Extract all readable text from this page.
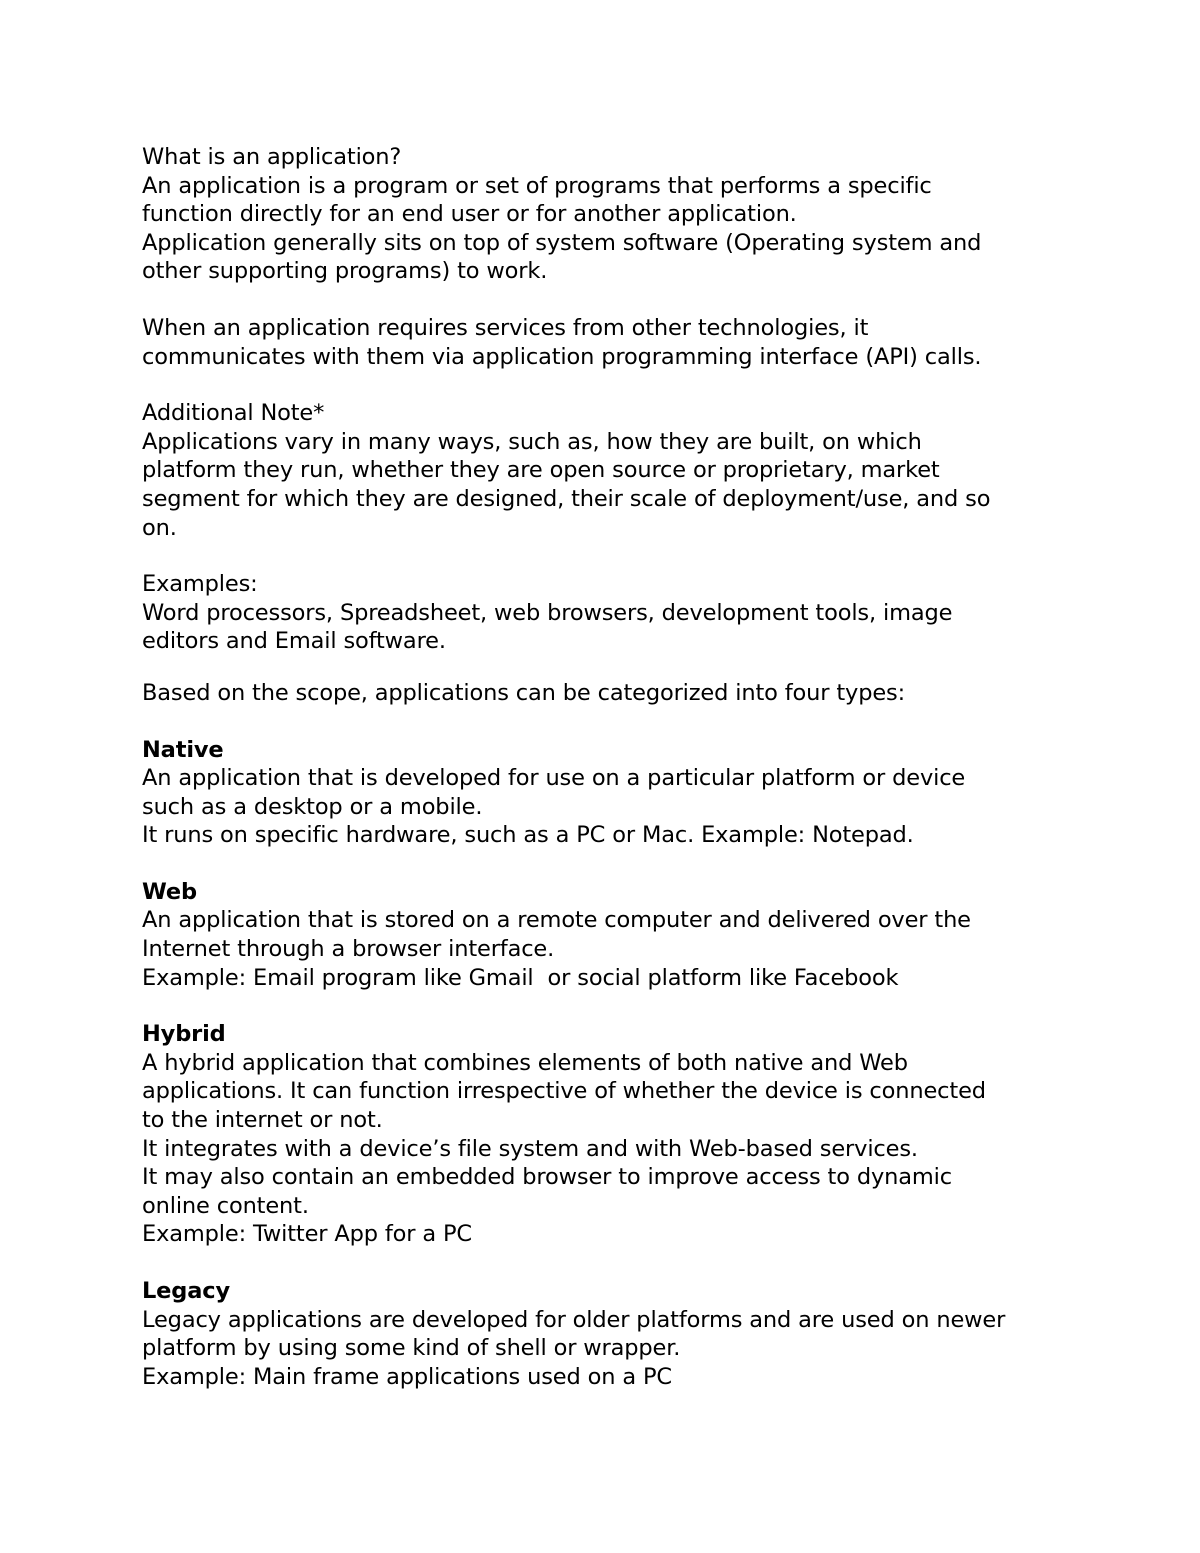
What is an application?

An application is a program or set of programs that performs a specific

function directly for an end user or for another application.

Application generally sits on top of system software (Operating system and

other supporting programs) to work.

When an application requires services from other technologies, it

communicates with them via application programming interface (API) calls.

Additional Note*

Applications vary in many ways, such as, how they are built, on which

platform they run, whether they are open source or proprietary, market

segment for which they are designed, their scale of deployment/use, and so

on.

Examples:

Word processors, Spreadsheet, web browsers, development tools, image

editors and Email software.

Based on the scope, applications can be categorized into four types:

Native

An application that is developed for use on a particular platform or device

such as a desktop or a mobile.

It runs on specific hardware, such as a PC or Mac. Example: Notepad.

Web

An application that is stored on a remote computer and delivered over the

Internet through a browser interface.

Example: Email program like Gmail  or social platform like Facebook

Hybrid

A hybrid application that combines elements of both native and Web

applications. It can function irrespective of whether the device is connected

to the internet or not.

It integrates with a device’s file system and with Web-based services.

It may also contain an embedded browser to improve access to dynamic

online content.

Example: Twitter App for a PC

Legacy

Legacy applications are developed for older platforms and are used on newer

platform by using some kind of shell or wrapper.

Example: Main frame applications used on a PC
